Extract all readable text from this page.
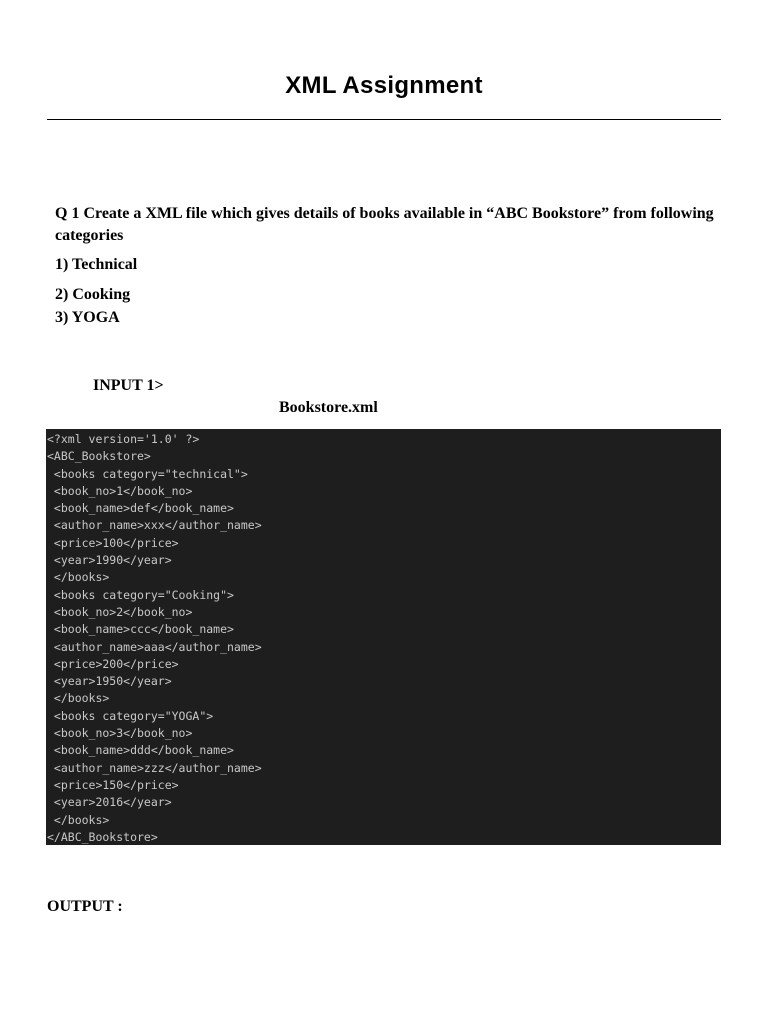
XML Assignment

Q 1 Create a XML file which gives details of books available in “ABC Bookstore” from following categories

1) Technical

2) Cooking

3) YOGA

INPUT 1>

Bookstore.xml

<?xml version='1.0' ?>
<ABC_Bookstore>
<books category="technical">
<book_no>1</book_no>
<book_name>def</book_name>
<author_name>xxx</author_name>
<price>100</price>
<year>1990</year>
</books>
<books category="Cooking">
<book_no>2</book_no>
<book_name>ccc</book_name>
<author_name>aaa</author_name>
<price>200</price>
<year>1950</year>
</books>
<books category="YOGA">
<book_no>3</book_no>
<book_name>ddd</book_name>
<author_name>zzz</author_name>
<price>150</price>
<year>2016</year>
</books>
</ABC_Bookstore>

OUTPUT :
